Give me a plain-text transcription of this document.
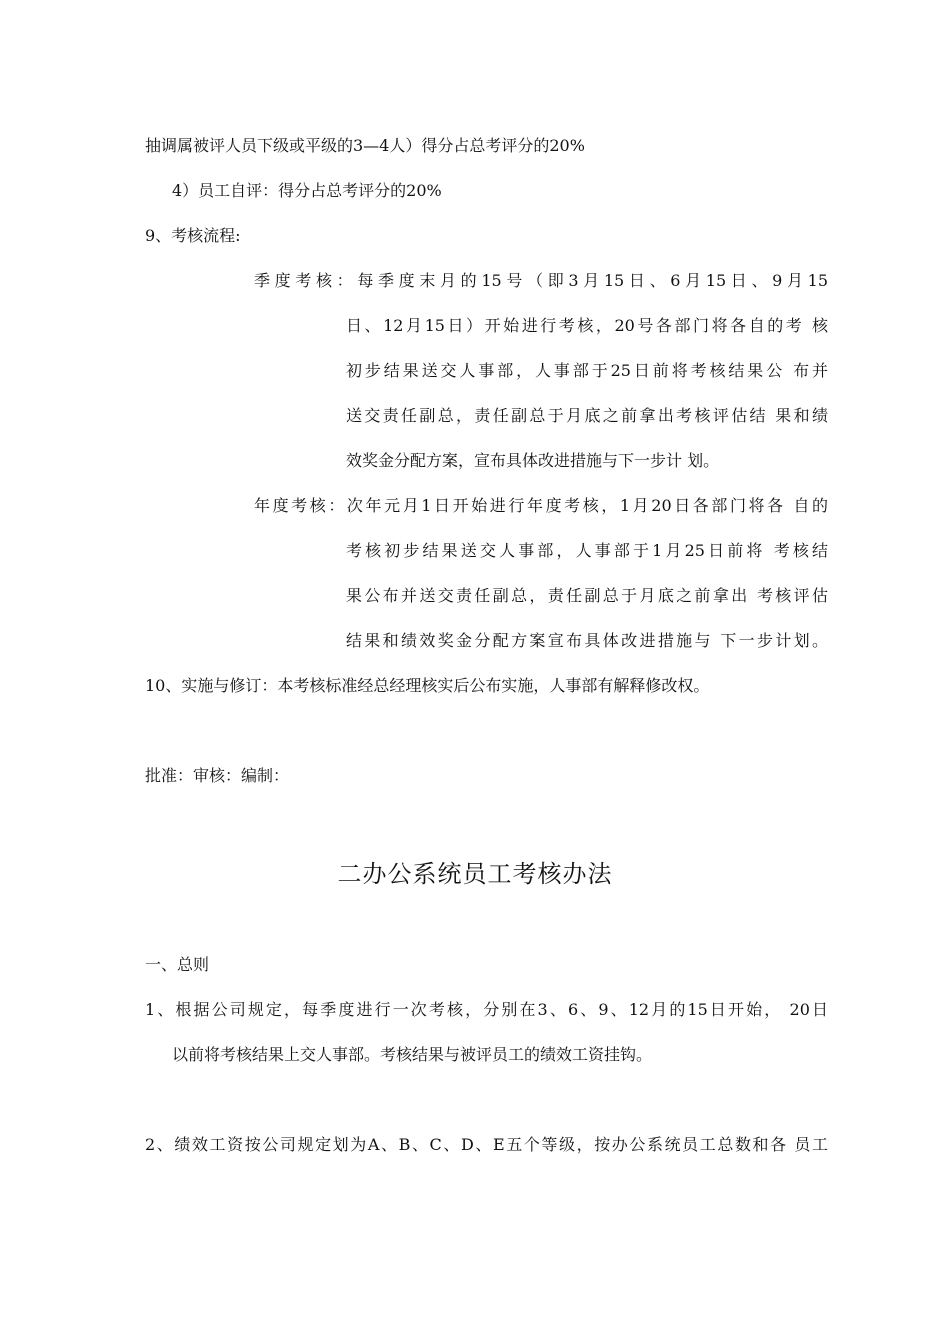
抽调属被评人员下级或平级的3—4人）得分占总考评分的20%
4）员工自评：得分占总考评分的20%
9、考核流程:
季度考核：每季度末月的15号（即3月15日、6月15日、9月15
日、12月15日）开始进行考核，20号各部门将各自的考 核
初步结果送交人事部，人事部于25日前将考核结果公 布并
送交责任副总，责任副总于月底之前拿出考核评估结 果和绩
效奖金分配方案，宣布具体改进措施与下一步计 划。
年度考核：次年元月1日开始进行年度考核，1月20日各部门将各 自的
考核初步结果送交人事部，人事部于1月25日前将 考核结
果公布并送交责任副总，责任副总于月底之前拿出 考核评估
结果和绩效奖金分配方案宣布具体改进措施与 下一步计划。
10、实施与修订：本考核标准经总经理核实后公布实施，人事部有解释修改权。
批准：审核：编制：
二办公系统员工考核办法
一、总则
1、根据公司规定，每季度进行一次考核，分别在3、6、9、12月的15日开始， 20日
以前将考核结果上交人事部。考核结果与被评员工的绩效工资挂钩。
2、绩效工资按公司规定划为A、B、C、D、E五个等级，按办公系统员工总数和各 员工
